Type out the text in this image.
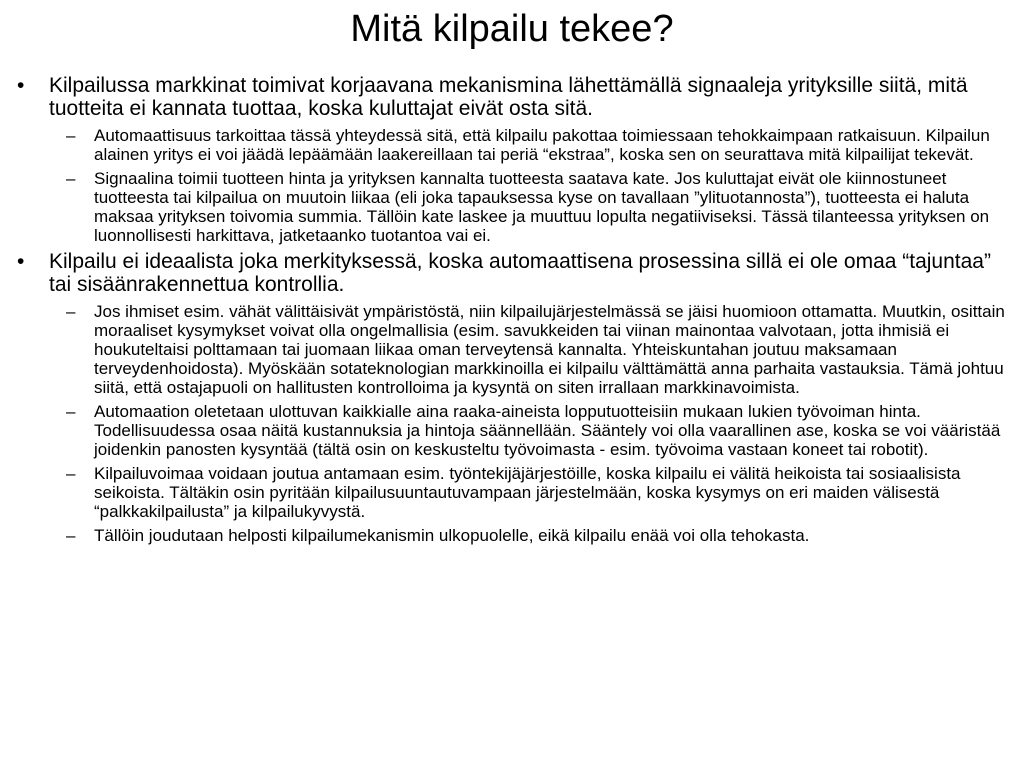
Mitä kilpailu tekee?
• Kilpailussa markkinat toimivat korjaavana mekanismina lähettämällä signaaleja yrityksille siitä, mitä tuotteita ei kannata tuottaa, koska kuluttajat eivät osta sitä.
– Automaattisuus tarkoittaa tässä yhteydessä sitä, että kilpailu pakottaa toimiessaan tehokkaimpaan ratkaisuun. Kilpailun alainen yritys ei voi jäädä lepäämään laakereillaan tai periä “ekstraa”, koska sen on seurattava mitä kilpailijat tekevät.
– Signaalina toimii tuotteen hinta ja yrityksen kannalta tuotteesta saatava kate. Jos kuluttajat eivät ole kiinnostuneet tuotteesta tai kilpailua on muutoin liikaa (eli joka tapauksessa kyse on tavallaan ”ylituotannosta”), tuotteesta ei haluta maksaa yrityksen toivomia summia. Tällöin kate laskee ja muuttuu lopulta negatiiviseksi. Tässä tilanteessa yrityksen on luonnollisesti harkittava, jatketaanko tuotantoa vai ei.
• Kilpailu ei ideaalista joka merkityksessä, koska automaattisena prosessina sillä ei ole omaa “tajuntaa” tai sisäänrakennettua kontrollia.
– Jos ihmiset esim. vähät välittäisivät ympäristöstä, niin kilpailujärjestelmässä se jäisi huomioon ottamatta. Muutkin, osittain moraaliset kysymykset voivat olla ongelmallisia (esim. savukkeiden tai viinan mainontaa valvotaan, jotta ihmisiä ei houkuteltaisi polttamaan tai juomaan liikaa oman terveytensä kannalta. Yhteiskuntahan joutuu maksamaan terveydenhoidosta). Myöskään sotateknologian markkinoilla ei kilpailu välttämättä anna parhaita vastauksia. Tämä johtuu siitä, että ostajapuoli on hallitusten kontrolloima ja kysyntä on siten irrallaan markkinavoimista.
– Automaation oletetaan ulottuvan kaikkialle aina raaka-aineista lopputuotteisiin mukaan lukien työvoiman hinta. Todellisuudessa osaa näitä kustannuksia ja hintoja säännellään. Sääntely voi olla vaarallinen ase, koska se voi vääristää joidenkin panosten kysyntää (tältä osin on keskusteltu työvoimasta - esim. työvoima vastaan koneet tai robotit).
– Kilpailuvoimaa voidaan joutua antamaan esim. työntekijäjärjestöille, koska kilpailu ei välitä heikoista tai sosiaalisista seikoista. Tältäkin osin pyritään kilpailusuuntautuvampaan järjestelmään, koska kysymys on eri maiden välisestä “palkkakilpailusta” ja kilpailukyvystä.
– Tällöin joudutaan helposti kilpailumekanismin ulkopuolelle, eikä kilpailu enää voi olla tehokasta.
